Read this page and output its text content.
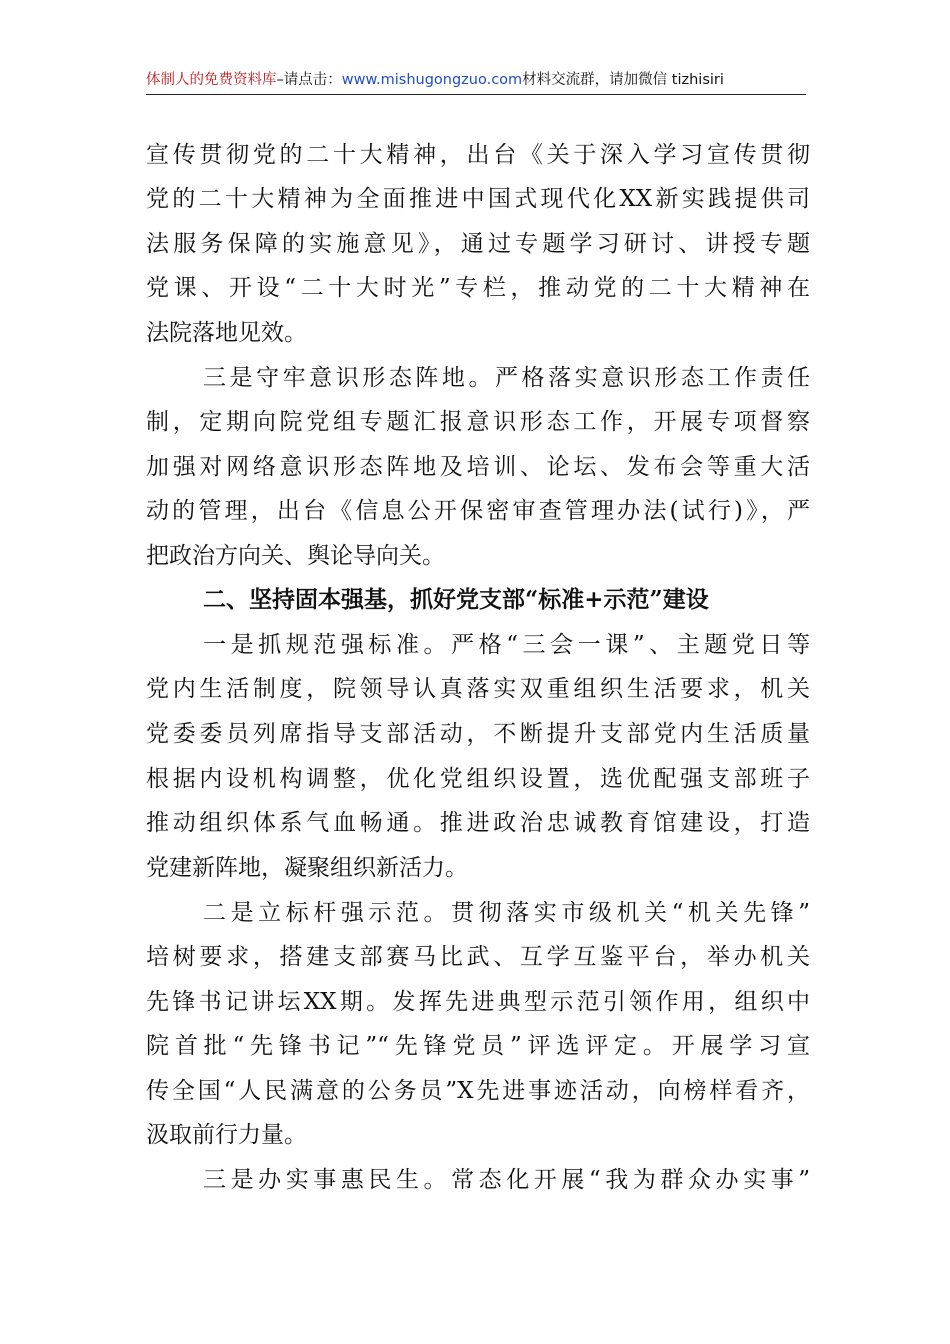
体制人的免费资料库–请点击：www.mishugongzuo.com材料交流群，请加微信 tizhisiri
宣传贯彻党的二十大精神，出台《关于深入学习宣传贯彻
党的二十大精神为全面推进中国式现代化XX新实践提供司
法服务保障的实施意见》，通过专题学习研讨、讲授专题
党课、开设“二十大时光”专栏，推动党的二十大精神在
法院落地见效。
三是守牢意识形态阵地。严格落实意识形态工作责任
制，定期向院党组专题汇报意识形态工作，开展专项督察
加强对网络意识形态阵地及培训、论坛、发布会等重大活
动的管理，出台《信息公开保密审查管理办法(试行)》，严
把政治方向关、舆论导向关。
二、坚持固本强基，抓好党支部“标准+示范”建设
一是抓规范强标准。严格“三会一课”、主题党日等
党内生活制度，院领导认真落实双重组织生活要求，机关
党委委员列席指导支部活动，不断提升支部党内生活质量
根据内设机构调整，优化党组织设置，选优配强支部班子
推动组织体系气血畅通。推进政治忠诚教育馆建设，打造
党建新阵地，凝聚组织新活力。
二是立标杆强示范。贯彻落实市级机关“机关先锋”
培树要求，搭建支部赛马比武、互学互鉴平台，举办机关
先锋书记讲坛XX期。发挥先进典型示范引领作用，组织中
院首批“先锋书记”“先锋党员”评选评定。开展学习宣
传全国“人民满意的公务员”X先进事迹活动，向榜样看齐，
汲取前行力量。
三是办实事惠民生。常态化开展“我为群众办实事”
